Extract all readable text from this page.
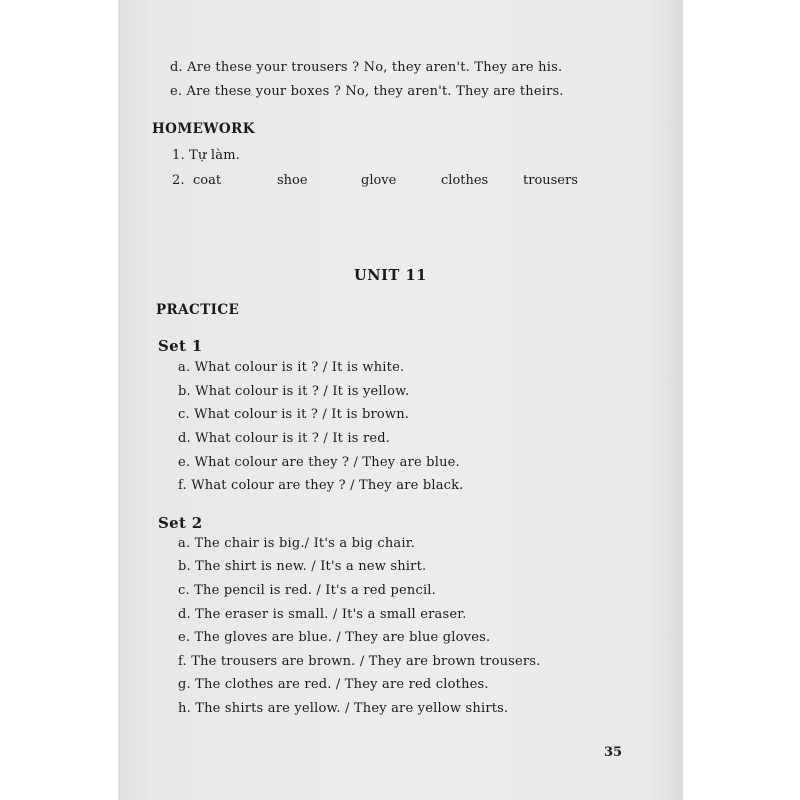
d. Are these your trousers ? No, they aren't. They are his.
e. Are these your boxes ? No, they aren't. They are theirs.
HOMEWORK
1. Tự làm.
2. coat	shoe	glove	clothes	trousers
UNIT 11
PRACTICE
Set 1
a. What colour is it ? / It is white.
b. What colour is it ? / It is yellow.
c. What colour is it ? / It is brown.
d. What colour is it ? / It is red.
e. What colour are they ? / They are blue.
f. What colour are they ? / They are black.
Set 2
a. The chair is big./ It's a big chair.
b. The shirt is new. / It's a new shirt.
c. The pencil is red. / It's a red pencil.
d. The eraser is small. / It's a small eraser.
e. The gloves are blue. / They are blue gloves.
f. The trousers are brown. / They are brown trousers.
g. The clothes are red. / They are red clothes.
h. The shirts are yellow. / They are yellow shirts.
35
